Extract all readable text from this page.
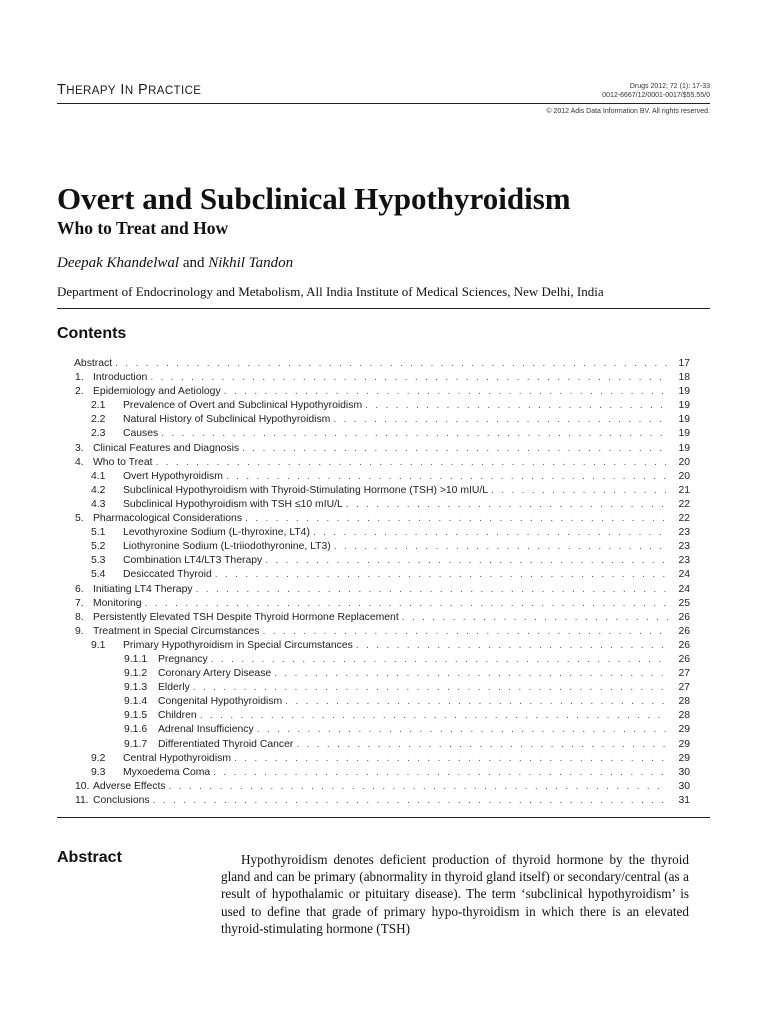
THERAPY IN PRACTICE	Drugs 2012; 72 (1): 17-33
0012-6667/12/0001-0017/$55.55/0
© 2012 Adis Data Information BV. All rights reserved.
Overt and Subclinical Hypothyroidism
Who to Treat and How
Deepak Khandelwal and Nikhil Tandon
Department of Endocrinology and Metabolism, All India Institute of Medical Sciences, New Delhi, India
Contents
Abstract . . .	17
1. Introduction . . .	18
2. Epidemiology and Aetiology . . .	19
2.1	Prevalence of Overt and Subclinical Hypothyroidism . . .	19
2.2	Natural History of Subclinical Hypothyroidism . . .	19
2.3	Causes . . .	19
3. Clinical Features and Diagnosis . . .	19
4. Who to Treat . . .	20
4.1	Overt Hypothyroidism . . .	20
4.2	Subclinical Hypothyroidism with Thyroid-Stimulating Hormone (TSH) >10 mIU/L . . .	21
4.3	Subclinical Hypothyroidism with TSH ≤10 mIU/L . . .	22
5. Pharmacological Considerations . . .	22
5.1	Levothyroxine Sodium (L-thyroxine, LT4) . . .	23
5.2	Liothyronine Sodium (L-triiodothyronine, LT3) . . .	23
5.3	Combination LT4/LT3 Therapy . . .	23
5.4	Desiccated Thyroid . . .	24
6. Initiating LT4 Therapy . . .	24
7. Monitoring . . .	25
8. Persistently Elevated TSH Despite Thyroid Hormone Replacement . . .	26
9. Treatment in Special Circumstances . . .	26
9.1	Primary Hypothyroidism in Special Circumstances . . .	26
9.1.1	Pregnancy . . .	26
9.1.2	Coronary Artery Disease . . .	27
9.1.3	Elderly . . .	27
9.1.4	Congenital Hypothyroidism . . .	28
9.1.5	Children . . .	28
9.1.6	Adrenal Insufficiency . . .	29
9.1.7	Differentiated Thyroid Cancer . . .	29
9.2	Central Hypothyroidism . . .	29
9.3	Myxoedema Coma . . .	30
10. Adverse Effects . . .	30
11. Conclusions . . .	31
Abstract	Hypothyroidism denotes deficient production of thyroid hormone by the thyroid gland and can be primary (abnormality in thyroid gland itself) or secondary/central (as a result of hypothalamic or pituitary disease). The term ‘subclinical hypothyroidism’ is used to define that grade of primary hypo-thyroidism in which there is an elevated thyroid-stimulating hormone (TSH)
